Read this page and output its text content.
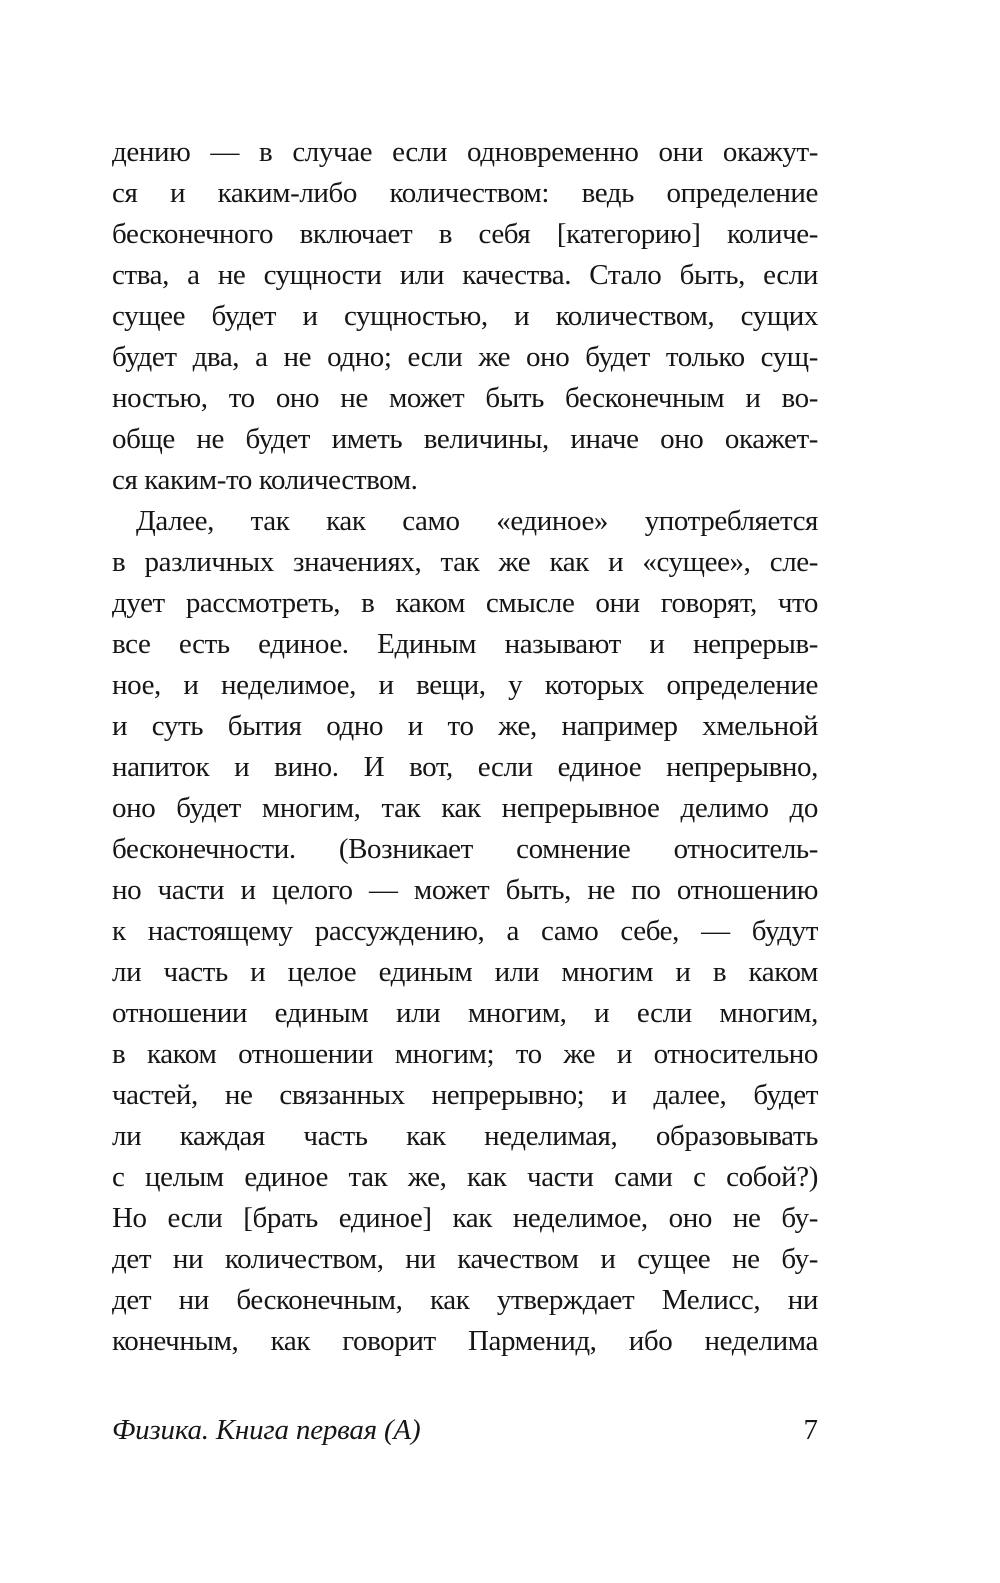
дению — в случае если одновременно они окажут-
ся и каким-либо количеством: ведь определение
бесконечного включает в себя [категорию] количе-
ства, а не сущности или качества. Стало быть, если
сущее будет и сущностью, и количеством, сущих
будет два, а не одно; если же оно будет только сущ-
ностью, то оно не может быть бесконечным и во-
обще не будет иметь величины, иначе оно окажет-
ся каким-то количеством.
Далее, так как само «единое» употребляется
в различных значениях, так же как и «сущее», сле-
дует рассмотреть, в каком смысле они говорят, что
все есть единое. Единым называют и непрерыв-
ное, и неделимое, и вещи, у которых определение
и суть бытия одно и то же, например хмельной
напиток и вино. И вот, если единое непрерывно,
оно будет многим, так как непрерывное делимо до
бесконечности. (Возникает сомнение относитель-
но части и целого — может быть, не по отношению
к настоящему рассуждению, а само себе, — будут
ли часть и целое единым или многим и в каком
отношении единым или многим, и если многим,
в каком отношении многим; то же и относительно
частей, не связанных непрерывно; и далее, будет
ли каждая часть как неделимая, образовывать
с целым единое так же, как части сами с собой?)
Но если [брать единое] как неделимое, оно не бу-
дет ни количеством, ни качеством и сущее не бу-
дет ни бесконечным, как утверждает Мелисс, ни
конечным, как говорит Парменид, ибо неделима
Физика. Книга первая (А)	7
